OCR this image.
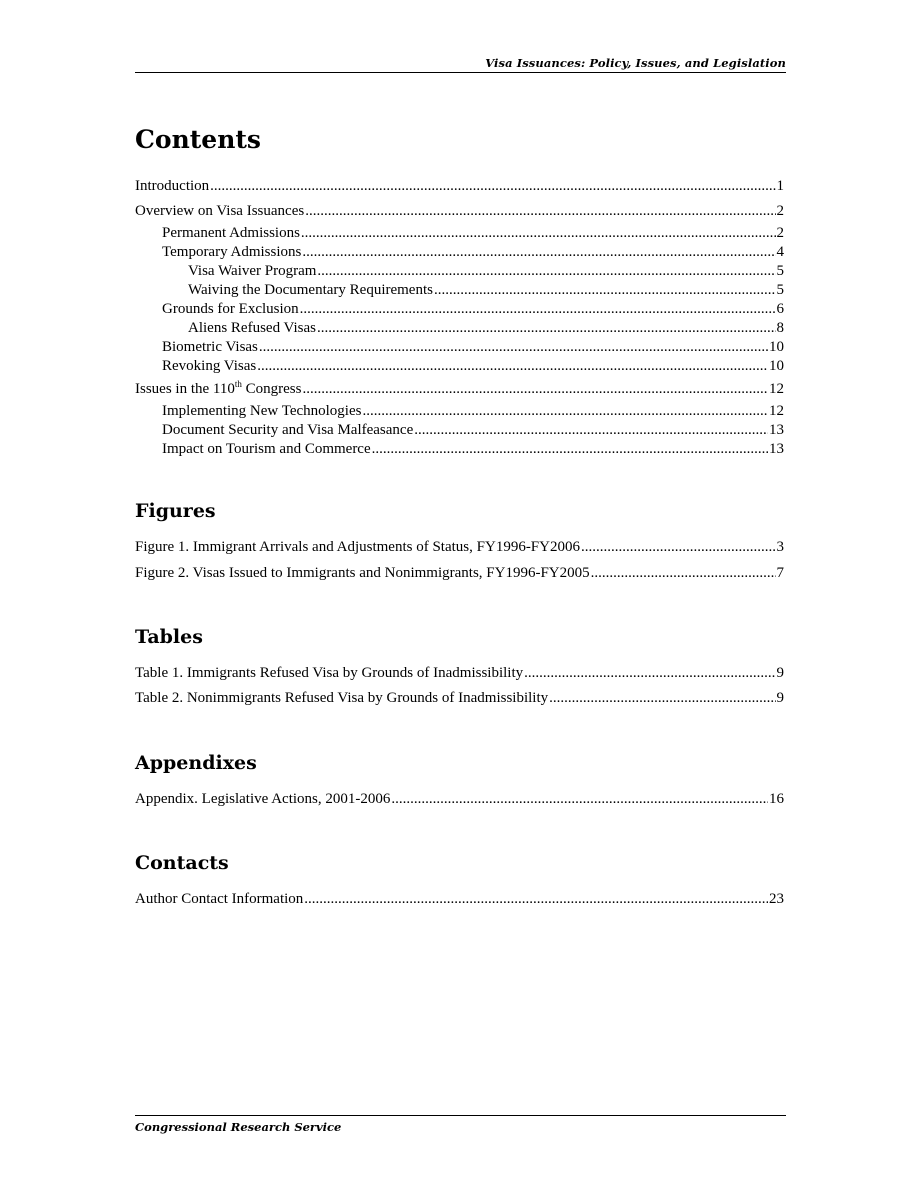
Visa Issuances: Policy, Issues, and Legislation
Contents
Introduction .....	1
Overview on Visa Issuances .....	2
Permanent Admissions .....	2
Temporary Admissions .....	4
Visa Waiver Program .....	5
Waiving the Documentary Requirements .....	5
Grounds for Exclusion .....	6
Aliens Refused Visas .....	8
Biometric Visas .....	10
Revoking Visas .....	10
Issues in the 110th Congress .....	12
Implementing New Technologies .....	12
Document Security and Visa Malfeasance .....	13
Impact on Tourism and Commerce .....	13
Figures
Figure 1. Immigrant Arrivals and Adjustments of Status, FY1996-FY2006 .....	3
Figure 2. Visas Issued to Immigrants and Nonimmigrants, FY1996-FY2005 .....	7
Tables
Table 1. Immigrants Refused Visa by Grounds of Inadmissibility .....	9
Table 2. Nonimmigrants Refused Visa by Grounds of Inadmissibility .....	9
Appendixes
Appendix. Legislative Actions, 2001-2006 .....	16
Contacts
Author Contact Information .....	23
Congressional Research Service
